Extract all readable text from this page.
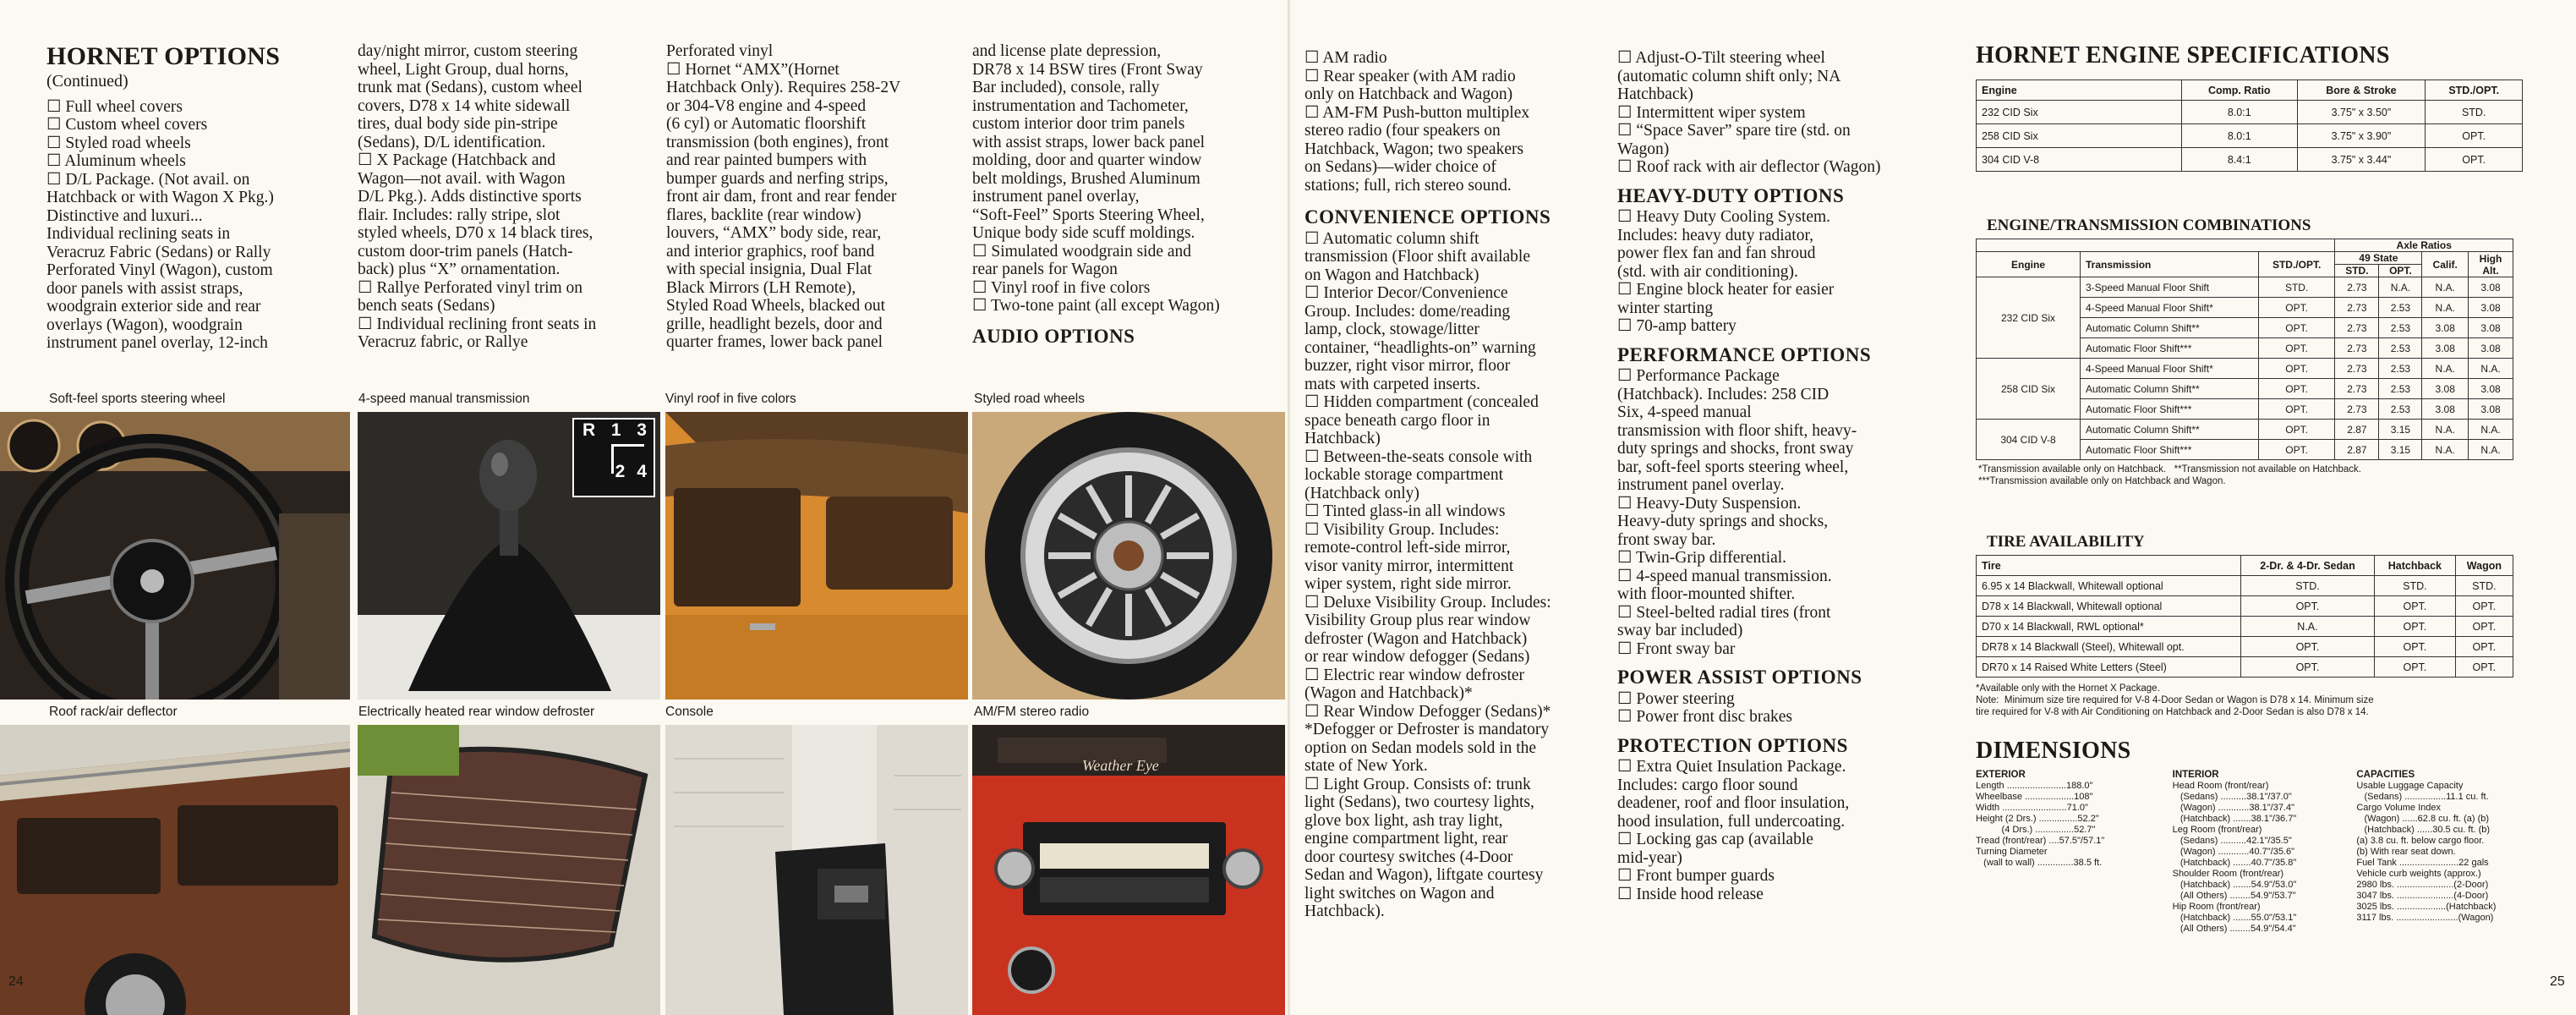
HORNET OPTIONS
(Continued)
☐ Full wheel covers
☐ Custom wheel covers
☐ Styled road wheels
☐ Aluminum wheels
☐ D/L Package. (Not avail. on
Hatchback or with Wagon X Pkg.)
Distinctive and luxuri...
Individual reclining seats in
Veracruz Fabric (Sedans) or Rally
Perforated Vinyl (Wagon), custom
door panels with assist straps,
woodgrain exterior side and rear
overlays (Wagon), woodgrain
instrument panel overlay, 12-inch
day/night mirror, custom steering
wheel, Light Group, dual horns,
trunk mat (Sedans), custom wheel
covers, D78 x 14 white sidewall
tires, dual body side pin-stripe
(Sedans), D/L identification.
☐ X Package (Hatchback and
Wagon—not avail. with Wagon
D/L Pkg.). Adds distinctive sports
flair. Includes: rally stripe, slot
styled wheels, D70 x 14 black tires,
custom door-trim panels (Hatch-
back) plus “X” ornamentation.
☐ Rallye Perforated vinyl trim on
bench seats (Sedans)
☐ Individual reclining front seats in
Veracruz fabric, or Rallye
Perforated vinyl
☐ Hornet “AMX”(Hornet
Hatchback Only). Requires 258-2V
or 304-V8 engine and 4-speed
(6 cyl) or Automatic floorshift
transmission (both engines), front
and rear painted bumpers with
bumper guards and nerfing strips,
front air dam, front and rear fender
flares, backlite (rear window)
louvers, “AMX” body side, rear,
and interior graphics, roof band
with special insignia, Dual Flat
Black Mirrors (LH Remote),
Styled Road Wheels, blacked out
grille, headlight bezels, door and
quarter frames, lower back panel
and license plate depression,
DR78 x 14 BSW tires (Front Sway
Bar included), console, rally
instrumentation and Tachometer,
custom interior door trim panels
with assist straps, lower back panel
molding, door and quarter window
belt moldings, Brushed Aluminum
instrument panel overlay,
“Soft-Feel” Sports Steering Wheel,
Unique body side scuff moldings.
☐ Simulated woodgrain side and
rear panels for Wagon
☐ Vinyl roof in five colors
☐ Two-tone paint (all except Wagon)
AUDIO OPTIONS
Soft-feel sports steering wheel	4-speed manual transmission	Vinyl roof in five colors	Styled road wheels
R 1 3
2 4
Roof rack/air deflector	Electrically heated rear window defroster	Console	AM/FM stereo radio
Weather Eye
24
☐ AM radio
☐ Rear speaker (with AM radio
only on Hatchback and Wagon)
☐ AM-FM Push-button multiplex
stereo radio (four speakers on
Hatchback, Wagon; two speakers
on Sedans)—wider choice of
stations; full, rich stereo sound.
CONVENIENCE OPTIONS
☐ Automatic column shift
transmission (Floor shift available
on Wagon and Hatchback)
☐ Interior Decor/Convenience
Group. Includes: dome/reading
lamp, clock, stowage/litter
container, “headlights-on” warning
buzzer, right visor mirror, floor
mats with carpeted inserts.
☐ Hidden compartment (concealed
space beneath cargo floor in
Hatchback)
☐ Between-the-seats console with
lockable storage compartment
(Hatchback only)
☐ Tinted glass-in all windows
☐ Visibility Group. Includes:
remote-control left-side mirror,
visor vanity mirror, intermittent
wiper system, right side mirror.
☐ Deluxe Visibility Group. Includes:
Visibility Group plus rear window
defroster (Wagon and Hatchback)
or rear window defogger (Sedans)
☐ Electric rear window defroster
(Wagon and Hatchback)*
☐ Rear Window Defogger (Sedans)*
*Defogger or Defroster is mandatory
option on Sedan models sold in the
state of New York.
☐ Light Group. Consists of: trunk
light (Sedans), two courtesy lights,
glove box light, ash tray light,
engine compartment light, rear
door courtesy switches (4-Door
Sedan and Wagon), liftgate courtesy
light switches on Wagon and
Hatchback).
☐ Adjust-O-Tilt steering wheel
(automatic column shift only; NA
Hatchback)
☐ Intermittent wiper system
☐ “Space Saver” spare tire (std. on
Wagon)
☐ Roof rack with air deflector (Wagon)
HEAVY-DUTY OPTIONS
☐ Heavy Duty Cooling System.
Includes: heavy duty radiator,
power flex fan and fan shroud
(std. with air conditioning).
☐ Engine block heater for easier
winter starting
☐ 70-amp battery
PERFORMANCE OPTIONS
☐ Performance Package
(Hatchback). Includes: 258 CID
Six, 4-speed manual
transmission with floor shift, heavy-
duty springs and shocks, front sway
bar, soft-feel sports steering wheel,
instrument panel overlay.
☐ Heavy-Duty Suspension.
Heavy-duty springs and shocks,
front sway bar.
☐ Twin-Grip differential.
☐ 4-speed manual transmission.
with floor-mounted shifter.
☐ Steel-belted radial tires (front
sway bar included)
☐ Front sway bar
POWER ASSIST OPTIONS
☐ Power steering
☐ Power front disc brakes
PROTECTION OPTIONS
☐ Extra Quiet Insulation Package.
Includes: cargo floor sound
deadener, roof and floor insulation,
hood insulation, full undercoating.
☐ Locking gas cap (available
mid-year)
☐ Front bumper guards
☐ Inside hood release
HORNET ENGINE SPECIFICATIONS
Engine	Comp. Ratio	Bore & Stroke	STD./OPT.
232 CID Six	8.0:1	3.75" x 3.50"	STD.
258 CID Six	8.0:1	3.75" x 3.90"	OPT.
304 CID V-8	8.4:1	3.75" x 3.44"	OPT.
ENGINE/TRANSMISSION COMBINATIONS
			Axle Ratios			
Engine	Transmission	STD./OPT.	49 State		Calif.	High Alt.
			STD.	OPT.		
232 CID Six	3-Speed Manual Floor Shift	STD.	2.73	N.A.	N.A.	3.08
	4-Speed Manual Floor Shift*	OPT.	2.73	2.53	N.A.	3.08
	Automatic Column Shift**	OPT.	2.73	2.53	3.08	3.08
	Automatic Floor Shift***	OPT.	2.73	2.53	3.08	3.08
258 CID Six	4-Speed Manual Floor Shift*	OPT.	2.73	2.53	N.A.	N.A.
	Automatic Column Shift**	OPT.	2.73	2.53	3.08	3.08
	Automatic Floor Shift***	OPT.	2.73	2.53	3.08	3.08
304 CID V-8	Automatic Column Shift**	OPT.	2.87	3.15	N.A.	N.A.
	Automatic Floor Shift***	OPT.	2.87	3.15	N.A.	N.A.
*Transmission available only on Hatchback.   **Transmission not available on Hatchback.
***Transmission available only on Hatchback and Wagon.
TIRE AVAILABILITY
Tire	2-Dr. & 4-Dr. Sedan	Hatchback	Wagon
6.95 x 14 Blackwall, Whitewall optional	STD.	STD.	STD.
D78 x 14 Blackwall, Whitewall optional	OPT.	OPT.	OPT.
D70 x 14 Blackwall, RWL optional*	N.A.	OPT.	OPT.
DR78 x 14 Blackwall (Steel), Whitewall opt.	OPT.	OPT.	OPT.
DR70 x 14 Raised White Letters (Steel)	OPT.	OPT.	OPT.
*Available only with the Hornet X Package.
Note:  Minimum size tire required for V-8 4-Door Sedan or Wagon is D78 x 14. Minimum size
tire required for V-8 with Air Conditioning on Hatchback and 2-Door Sedan is also D78 x 14.
DIMENSIONS
EXTERIOR
Length .......................188.0"
Wheelbase ...................108"
Width .........................71.0"
Height (2 Drs.) ...............52.2"
(4 Drs.) ...............52.7"
Tread (front/rear) ....57.5"/57.1"
Turning Diameter
(wall to wall) ..............38.5 ft.
INTERIOR
Head Room (front/rear)
(Sedans) ..........38.1"/37.0"
(Wagon) ............38.1"/37.4"
(Hatchback) .......38.1"/36.7"
Leg Room (front/rear)
(Sedans) ..........42.1"/35.5"
(Wagon) ............40.7"/35.6"
(Hatchback) .......40.7"/35.8"
Shoulder Room (front/rear)
(Hatchback) .......54.9"/53.0"
(All Others) ........54.9"/53.7"
Hip Room (front/rear)
(Hatchback) .......55.0"/53.1"
(All Others) ........54.9"/54.4"
CAPACITIES
Usable Luggage Capacity
(Sedans) ................11.1 cu. ft.
Cargo Volume Index
(Wagon) ......62.8 cu. ft. (a) (b)
(Hatchback) ......30.5 cu. ft. (b)
(a) 3.8 cu. ft. below cargo floor.
(b) With rear seat down.
Fuel Tank .......................22 gals
Vehicle curb weights (approx.)
2980 lbs. ......................(2-Door)
3047 lbs. ......................(4-Door)
3025 lbs. ...................(Hatchback)
3117 lbs. ........................(Wagon)
25
